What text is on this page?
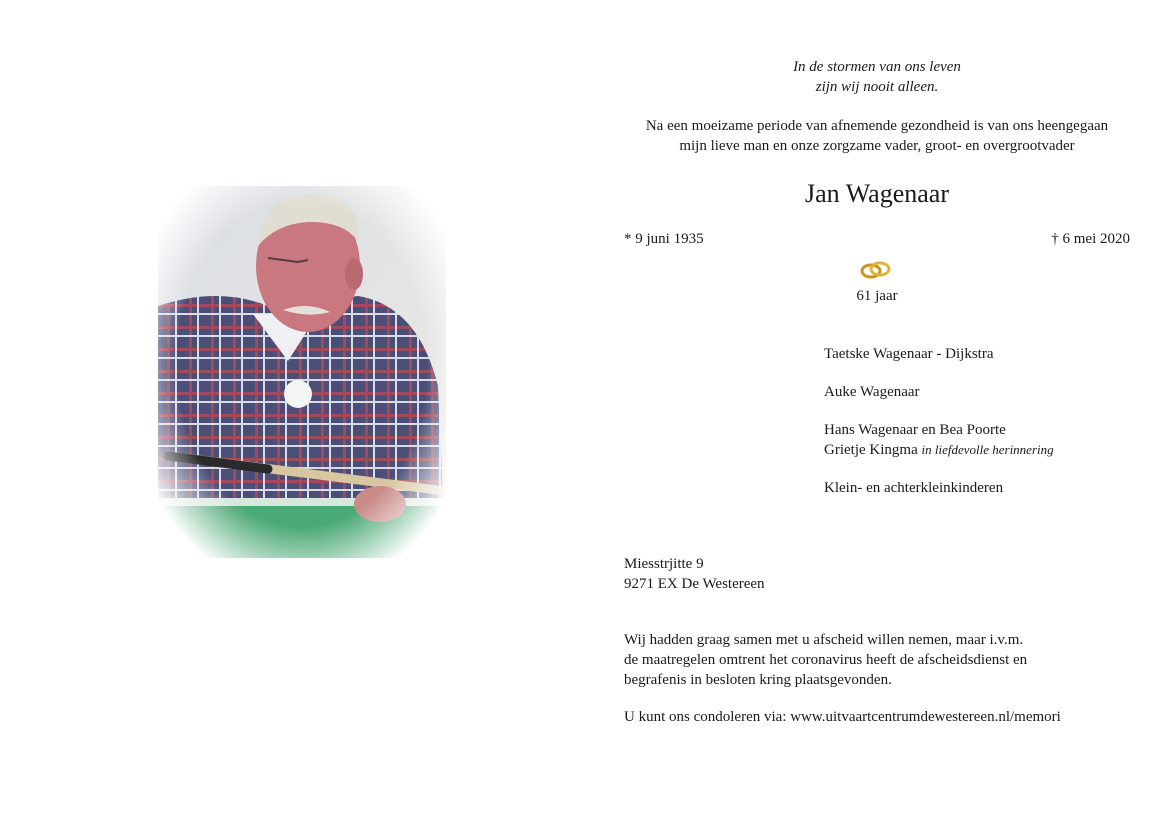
In de stormen van ons leven
zijn wij nooit alleen.
Na een moeizame periode van afnemende gezondheid is van ons heengegaan
mijn lieve man en onze zorgzame vader, groot- en overgrootvader
Jan Wagenaar
* 9 juni 1935	† 6 mei 2020
61 jaar
Taetske Wagenaar - Dijkstra
Auke Wagenaar
Hans Wagenaar en Bea Poorte
Grietje Kingma in liefdevolle herinnering
Klein- en achterkleinkinderen
Miesstrjitte 9
9271 EX De Westereen
Wij hadden graag samen met u afscheid willen nemen, maar i.v.m.
de maatregelen omtrent het coronavirus heeft de afscheidsdienst en
begrafenis in besloten kring plaatsgevonden.
U kunt ons condoleren via: www.uitvaartcentrumdewestereen.nl/memori
